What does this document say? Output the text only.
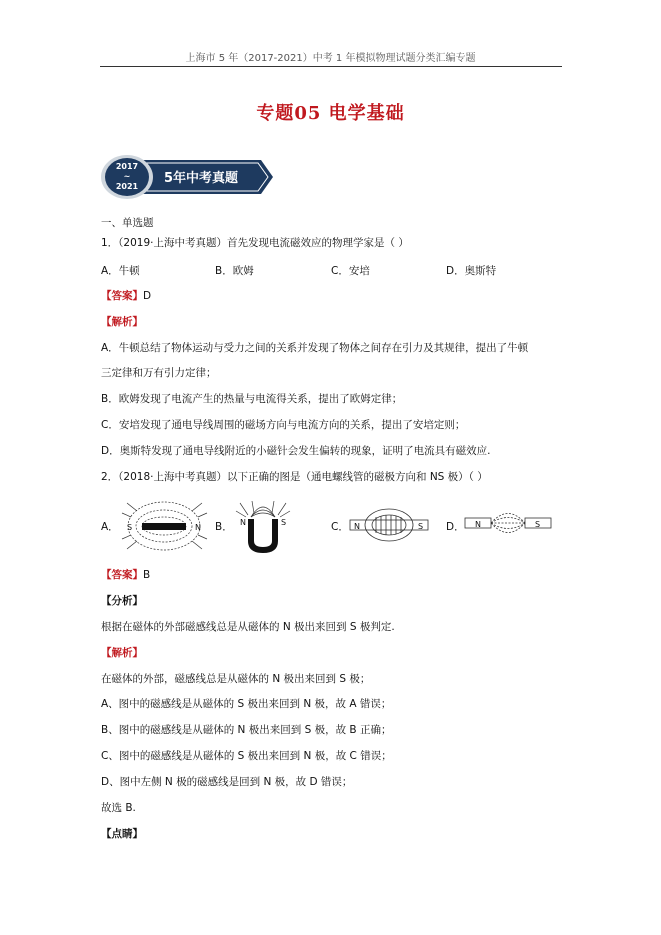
上海市 5 年（2017-2021）中考 1 年模拟物理试题分类汇编专题
专题05 电学基础
2017
~
2021
5年中考真题
一、单选题
1．（2019·上海中考真题）首先发现电流磁效应的物理学家是（ ）
A．牛顿	B．欧姆	C．安培	D．奥斯特
【答案】D
【解析】
A．牛顿总结了物体运动与受力之间的关系并发现了物体之间存在引力及其规律，提出了牛顿
三定律和万有引力定律；
B．欧姆发现了电流产生的热量与电流得关系，提出了欧姆定律；
C．安培发现了通电导线周围的磁场方向与电流方向的关系，提出了安培定则；
D．奥斯特发现了通电导线附近的小磁针会发生偏转的现象，证明了电流具有磁效应.
2．（2018·上海中考真题）以下正确的图是（通电螺线管的磁极方向和 NS 极）（ ）
A． S	N B． N	S	C． N	S D． N	S
【答案】B
【分析】
根据在磁体的外部磁感线总是从磁体的 N 极出来回到 S 极判定.
【解析】
在磁体的外部，磁感线总是从磁体的 N 极出来回到 S 极；
A、图中的磁感线是从磁体的 S 极出来回到 N 极，故 A 错误；
B、图中的磁感线是从磁体的 N 极出来回到 S 极，故 B 正确；
C、图中的磁感线是从磁体的 S 极出来回到 N 极，故 C 错误；
D、图中左侧 N 极的磁感线是回到 N 极，故 D 错误；
故选 B.
【点睛】
